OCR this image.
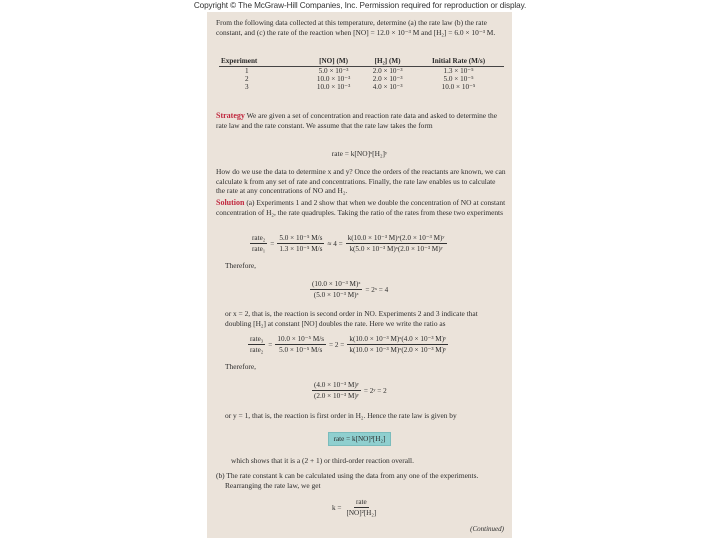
Copyright © The McGraw-Hill Companies, Inc. Permission required for reproduction or display.
From the following data collected at this temperature, determine (a) the rate law (b) the rate constant, and (c) the rate of the reaction when [NO] = 12.0 × 10⁻³ M and [H₂] = 6.0 × 10⁻³ M.
Experiment	[NO] (M)	[H₂] (M)	Initial Rate (M/s)
1	5.0 × 10⁻³	2.0 × 10⁻³	1.3 × 10⁻⁵
2	10.0 × 10⁻³	2.0 × 10⁻³	5.0 × 10⁻⁵
3	10.0 × 10⁻³	4.0 × 10⁻³	10.0 × 10⁻⁵
Strategy We are given a set of concentration and reaction rate data and asked to determine the rate law and the rate constant. We assume that the rate law takes the form
rate = k[NO]ˣ[H₂]ʸ
How do we use the data to determine x and y? Once the orders of the reactants are known, we can calculate k from any set of rate and concentrations. Finally, the rate law enables us to calculate the rate at any concentrations of NO and H₂.
Solution (a) Experiments 1 and 2 show that when we double the concentration of NO at constant concentration of H₂, the rate quadruples. Taking the ratio of the rates from these two experiments
$\frac{\text{rate₂}}{\text{rate₁}} = \frac{\text{5.0 × 10⁻⁵ M/s}}{\text{1.3 × 10⁻⁵ M/s}} \approx 4 = \frac{\text{k(10.0 × 10⁻³ M)ˣ(2.0 × 10⁻³ M)ʸ}}{\text{k(5.0 × 10⁻³ M)ˣ(2.0 × 10⁻³ M)ʸ}}$
Therefore,
$\frac{\text{(10.0 × 10⁻³ M)ˣ}}{\text{(5.0 × 10⁻³ M)ˣ}}$ = 2ˣ = 4
or x = 2, that is, the reaction is second order in NO. Experiments 2 and 3 indicate that doubling [H₂] at constant [NO] doubles the rate. Here we write the ratio as
$\frac{\text{rate₃}}{\text{rate₂}} = \frac{\text{10.0 × 10⁻⁵ M/s}}{\text{5.0 × 10⁻⁵ M/s}} = 2 = \frac{\text{k(10.0 × 10⁻³ M)ˣ(4.0 × 10⁻³ M)ʸ}}{\text{k(10.0 × 10⁻³ M)ˣ(2.0 × 10⁻³ M)ʸ}}$
Therefore,
$\frac{\text{(4.0 × 10⁻³ M)ʸ}}{\text{(2.0 × 10⁻³ M)ʸ}}$ = 2ʸ = 2
or y = 1, that is, the reaction is first order in H₂. Hence the rate law is given by
rate = k[NO]²[H₂]
which shows that it is a (2 + 1) or third-order reaction overall.
(b) The rate constant k can be calculated using the data from any one of the experiments. Rearranging the rate law, we get
$k = \frac{\text{rate}}{\text{[NO]²[H₂]}}$
(Continued)
